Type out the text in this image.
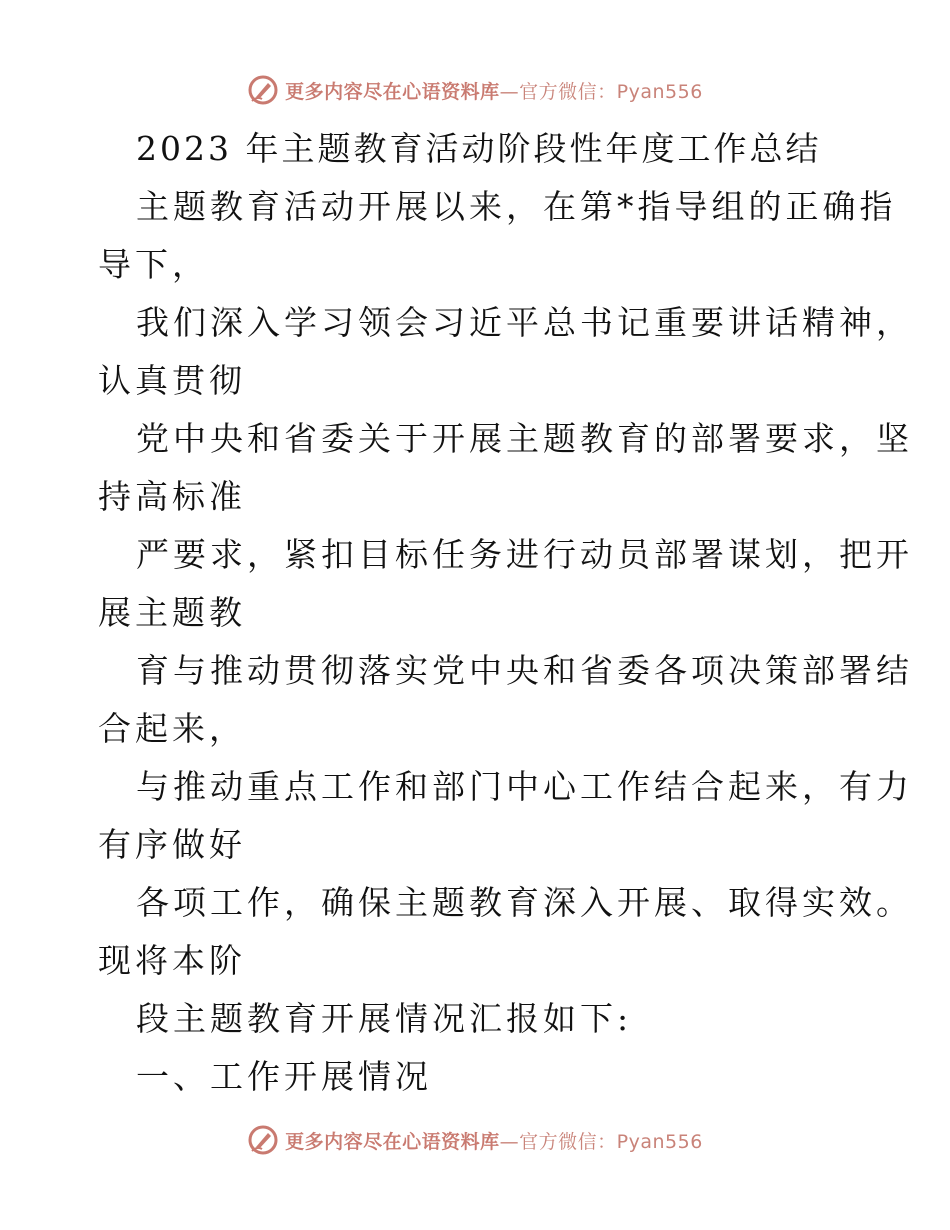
更多内容尽在心语资料库—官方微信：Pyan556
2023 年主题教育活动阶段性年度工作总结
主题教育活动开展以来，在第*指导组的正确指
导下，
我们深入学习领会习近平总书记重要讲话精神，
认真贯彻
党中央和省委关于开展主题教育的部署要求，坚
持高标准
严要求，紧扣目标任务进行动员部署谋划，把开
展主题教
育与推动贯彻落实党中央和省委各项决策部署结
合起来，
与推动重点工作和部门中心工作结合起来，有力
有序做好
各项工作，确保主题教育深入开展、取得实效。
现将本阶
段主题教育开展情况汇报如下:
一、工作开展情况
更多内容尽在心语资料库—官方微信：Pyan556
